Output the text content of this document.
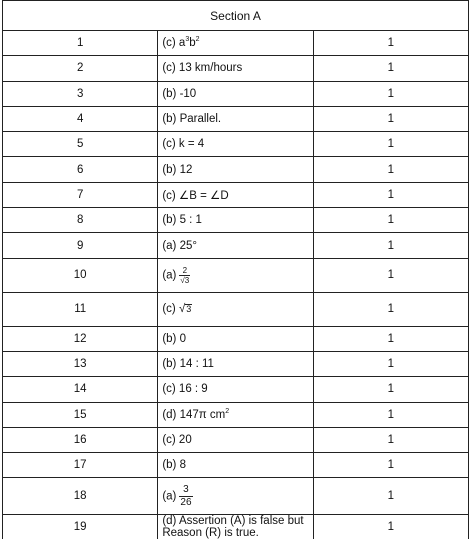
Section A		
1	(c) $a^3b^2$	1
2	(c) 13 km/hours	1
3	(b) -10	1
4	(b) Parallel.	1
5	(c) k = 4	1
6	(b) 12	1
7	(c) ∠B = ∠D	1
8	(b) 5 : 1	1
9	(a) 25°	1
10	$(a) \frac{2}{√3}$	1
11	(c) √3	1
12	(b) 0	1
13	(b) 14 : 11	1
14	(c) 16 : 9	1
15	(d) 147π $cm^2$	1
16	(c) 20	1
17	(b) 8	1
18	$(a) \frac{3}{26}$	1
19	(d) Assertion (A) is false but Reason (R) is true.	1
